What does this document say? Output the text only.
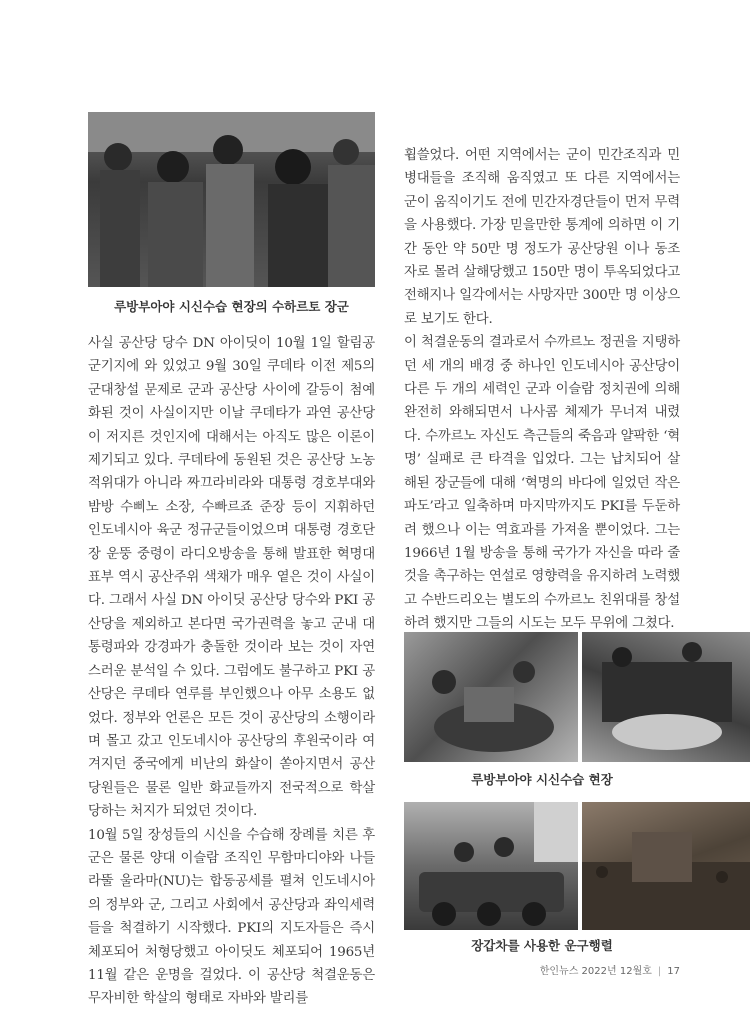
루방부아야 시신수습 현장의 수하르토 장군

사실 공산당 당수 DN 아이딧이 10월 1일 할림공군기지에 와 있었고 9월 30일 쿠데타 이전 제5의 군대창설 문제로 군과 공산당 사이에 갈등이 첨예화된 것이 사실이지만 이날 쿠데타가 과연 공산당이 저지른 것인지에 대해서는 아직도 많은 이론이 제기되고 있다. 쿠데타에 동원된 것은 공산당 노농적위대가 아니라 짜끄라비라와 대통령 경호부대와 밤방 수삐노 소장, 수빠르죠 준장 등이 지휘하던 인도네시아 육군 정규군들이었으며 대통령 경호단장 운뚱 중령이 라디오방송을 통해 발표한 혁명대표부 역시 공산주위 색채가 매우 옅은 것이 사실이다. 그래서 사실 DN 아이딧 공산당 당수와 PKI 공산당을 제외하고 본다면 국가권력을 놓고 군내 대통령파와 강경파가 충돌한 것이라 보는 것이 자연스러운 분석일 수 있다. 그럼에도 불구하고 PKI 공산당은 쿠데타 연루를 부인했으나 아무 소용도 없었다. 정부와 언론은 모든 것이 공산당의 소행이라며 몰고 갔고 인도네시아 공산당의 후원국이라 여겨지던 중국에게 비난의 화살이 쏟아지면서 공산당원들은 물론 일반 화교들까지 전국적으로 학살당하는 처지가 되었던 것이다.

10월 5일 장성들의 시신을 수습해 장례를 치른 후 군은 물론 양대 이슬람 조직인 무함마디야와 나들라뚤 울라마(NU)는 합동공세를 펼쳐 인도네시아의 정부와 군, 그리고 사회에서 공산당과 좌익세력들을 척결하기 시작했다. PKI의 지도자들은 즉시 체포되어 처형당했고 아이딧도 체포되어 1965년 11월 같은 운명을 걸었다. 이 공산당 척결운동은 무자비한 학살의 형태로 자바와 발리를

휩쓸었다. 어떤 지역에서는 군이 민간조직과 민병대들을 조직해 움직였고 또 다른 지역에서는 군이 움직이기도 전에 민간자경단들이 먼저 무력을 사용했다. 가장 믿을만한 통계에 의하면 이 기간 동안 약 50만 명 정도가 공산당원 이나 동조자로 몰려 살해당했고 150만 명이 투옥되었다고 전해지나 일각에서는 사망자만 300만 명 이상으로 보기도 한다.

이 척결운동의 결과로서 수까르노 정권을 지탱하던 세 개의 배경 중 하나인 인도네시아 공산당이 다른 두 개의 세력인 군과 이슬람 정치권에 의해 완전히 와해되면서 나사콤 체제가 무너져 내렸다. 수까르노 자신도 측근들의 죽음과 얄팍한 ‘혁명’ 실패로 큰 타격을 입었다. 그는 납치되어 살해된 장군들에 대해 ‘혁명의 바다에 일었던 작은 파도’라고 일축하며 마지막까지도 PKI를 두둔하려 했으나 이는 역효과를 가져올 뿐이었다. 그는 1966년 1월 방송을 통해 국가가 자신을 따라 줄 것을 촉구하는 연설로 영향력을 유지하려 노력했고 수반드리오는 별도의 수까르노 친위대를 창설하려 했지만 그들의 시도는 모두 무위에 그쳤다.

루방부아야 시신수습 현장
장갑차를 사용한 운구행렬
한인뉴스 2022년 12월호 | 17
